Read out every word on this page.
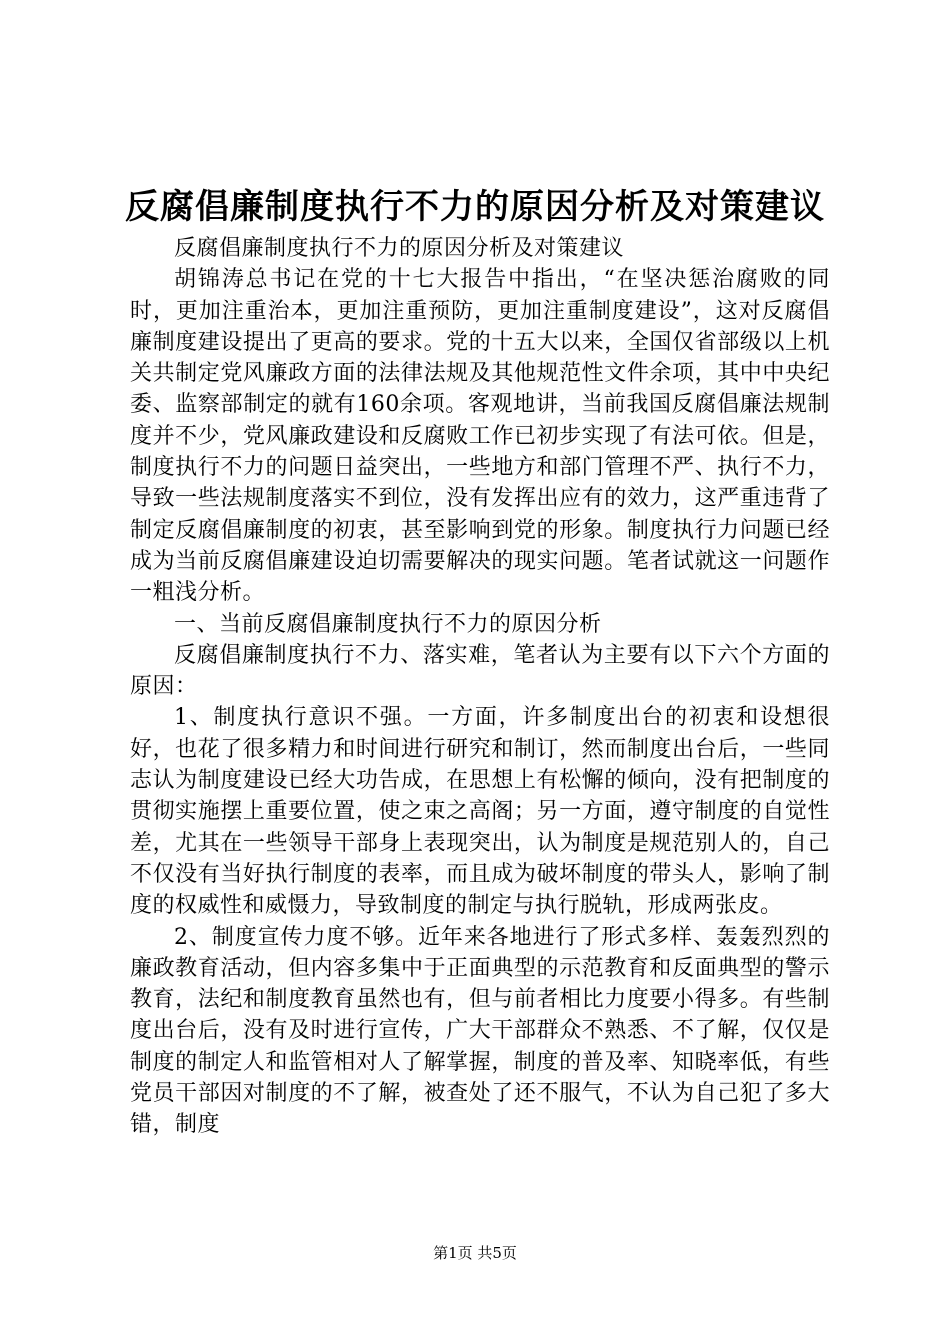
反腐倡廉制度执行不力的原因分析及对策建议

反腐倡廉制度执行不力的原因分析及对策建议

胡锦涛总书记在党的十七大报告中指出，“在坚决惩治腐败的同时，更加注重治本，更加注重预防，更加注重制度建设”，这对反腐倡廉制度建设提出了更高的要求。党的十五大以来，全国仅省部级以上机关共制定党风廉政方面的法律法规及其他规范性文件余项，其中中央纪委、监察部制定的就有160余项。客观地讲，当前我国反腐倡廉法规制度并不少，党风廉政建设和反腐败工作已初步实现了有法可依。但是，制度执行不力的问题日益突出，一些地方和部门管理不严、执行不力，导致一些法规制度落实不到位，没有发挥出应有的效力，这严重违背了制定反腐倡廉制度的初衷，甚至影响到党的形象。制度执行力问题已经成为当前反腐倡廉建设迫切需要解决的现实问题。笔者试就这一问题作一粗浅分析。

一、当前反腐倡廉制度执行不力的原因分析

反腐倡廉制度执行不力、落实难，笔者认为主要有以下六个方面的原因：

1、制度执行意识不强。一方面，许多制度出台的初衷和设想很好，也花了很多精力和时间进行研究和制订，然而制度出台后，一些同志认为制度建设已经大功告成，在思想上有松懈的倾向，没有把制度的贯彻实施摆上重要位置，使之束之高阁；另一方面，遵守制度的自觉性差，尤其在一些领导干部身上表现突出，认为制度是规范别人的，自己不仅没有当好执行制度的表率，而且成为破坏制度的带头人，影响了制度的权威性和威慑力，导致制度的制定与执行脱轨，形成两张皮。

2、制度宣传力度不够。近年来各地进行了形式多样、轰轰烈烈的廉政教育活动，但内容多集中于正面典型的示范教育和反面典型的警示教育，法纪和制度教育虽然也有，但与前者相比力度要小得多。有些制度出台后，没有及时进行宣传，广大干部群众不熟悉、不了解，仅仅是制度的制定人和监管相对人了解掌握，制度的普及率、知晓率低，有些党员干部因对制度的不了解，被查处了还不服气，不认为自己犯了多大错，制度

第1页 共5页
